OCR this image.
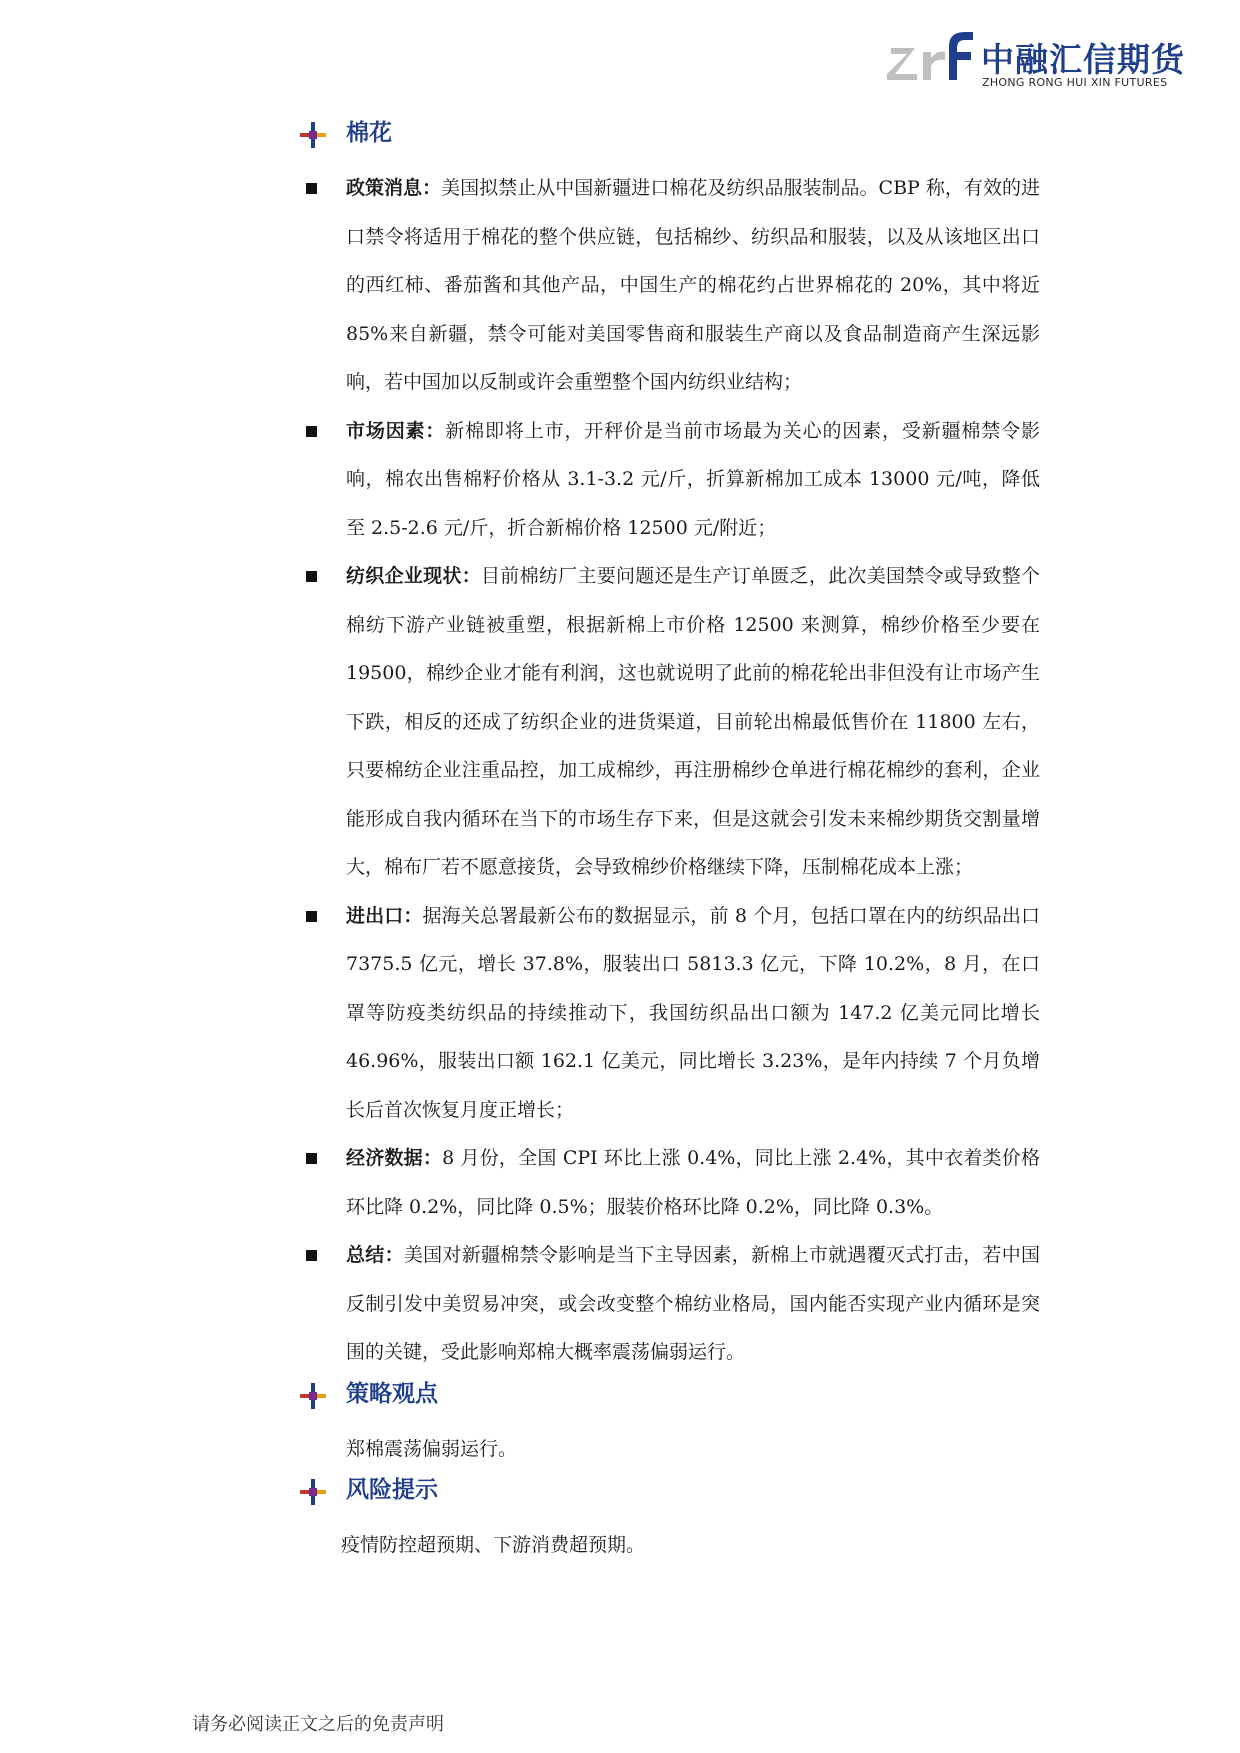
中融汇信期货
ZHONG RONG HUI XIN FUTURES
棉花
政策消息：美国拟禁止从中国新疆进口棉花及纺织品服装制品。CBP 称，有效的进口禁令将适用于棉花的整个供应链，包括棉纱、纺织品和服装，以及从该地区出口的西红柿、番茄酱和其他产品，中国生产的棉花约占世界棉花的 20%，其中将近 85%来自新疆，禁令可能对美国零售商和服装生产商以及食品制造商产生深远影响，若中国加以反制或许会重塑整个国内纺织业结构；
市场因素：新棉即将上市，开秤价是当前市场最为关心的因素，受新疆棉禁令影响，棉农出售棉籽价格从 3.1-3.2 元/斤，折算新棉加工成本 13000 元/吨，降低至 2.5-2.6 元/斤，折合新棉价格 12500 元/附近；
纺织企业现状：目前棉纺厂主要问题还是生产订单匮乏，此次美国禁令或导致整个棉纺下游产业链被重塑，根据新棉上市价格 12500 来测算，棉纱价格至少要在 19500，棉纱企业才能有利润，这也就说明了此前的棉花轮出非但没有让市场产生下跌，相反的还成了纺织企业的进货渠道，目前轮出棉最低售价在 11800 左右，只要棉纺企业注重品控，加工成棉纱，再注册棉纱仓单进行棉花棉纱的套利，企业能形成自我内循环在当下的市场生存下来，但是这就会引发未来棉纱期货交割量增大，棉布厂若不愿意接货，会导致棉纱价格继续下降，压制棉花成本上涨；
进出口：据海关总署最新公布的数据显示，前 8 个月，包括口罩在内的纺织品出口 7375.5 亿元，增长 37.8%，服装出口 5813.3 亿元，下降 10.2%，8 月，在口罩等防疫类纺织品的持续推动下，我国纺织品出口额为 147.2 亿美元同比增长 46.96%，服装出口额 162.1 亿美元，同比增长 3.23%，是年内持续 7 个月负增长后首次恢复月度正增长；
经济数据：8 月份，全国 CPI 环比上涨 0.4%，同比上涨 2.4%，其中衣着类价格环比降 0.2%，同比降 0.5%；服装价格环比降 0.2%，同比降 0.3%。
总结：美国对新疆棉禁令影响是当下主导因素，新棉上市就遇覆灭式打击，若中国反制引发中美贸易冲突，或会改变整个棉纺业格局，国内能否实现产业内循环是突围的关键，受此影响郑棉大概率震荡偏弱运行。
策略观点
郑棉震荡偏弱运行。
风险提示
疫情防控超预期、下游消费超预期。
请务必阅读正文之后的免责声明
